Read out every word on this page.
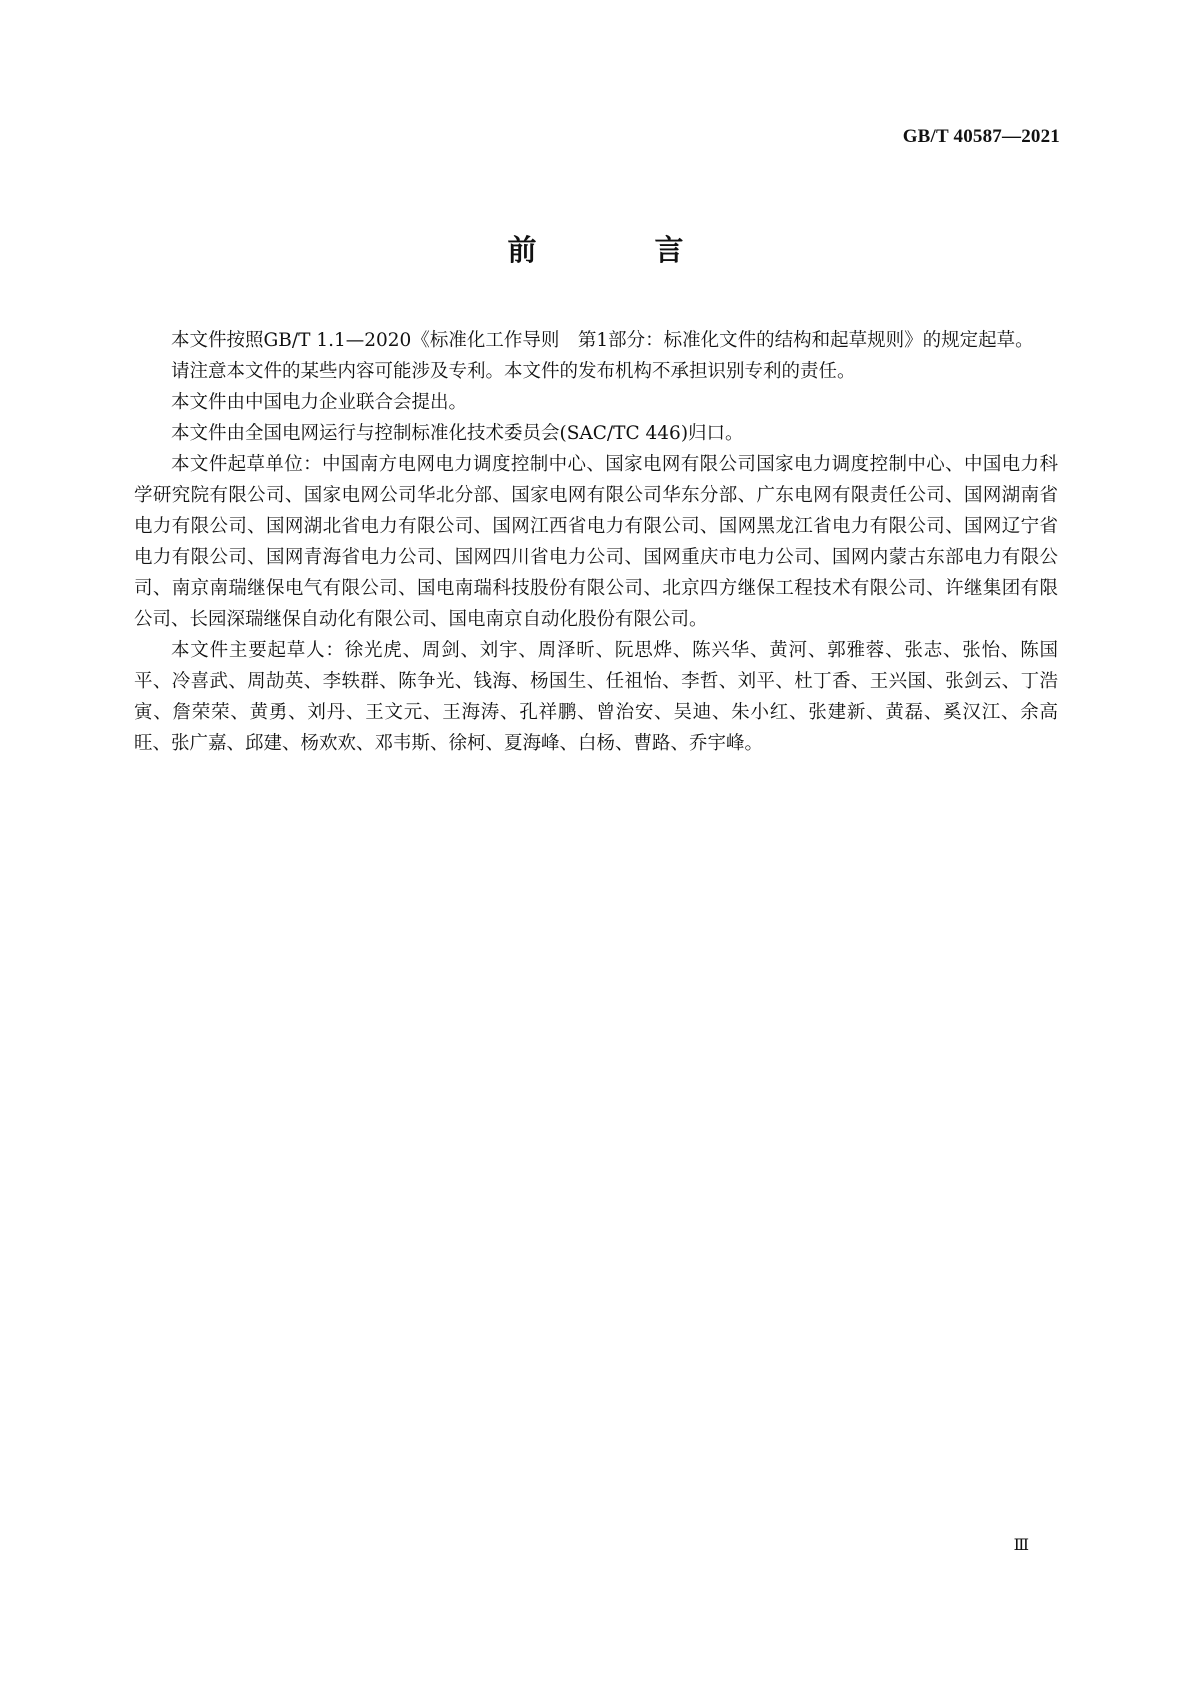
GB/T 40587—2021
前 言

本文件按照GB/T 1.1—2020《标准化工作导则　第1部分：标准化文件的结构和起草规则》的规定起草。

请注意本文件的某些内容可能涉及专利。本文件的发布机构不承担识别专利的责任。

本文件由中国电力企业联合会提出。

本文件由全国电网运行与控制标准化技术委员会(SAC/TC 446)归口。

本文件起草单位：中国南方电网电力调度控制中心、国家电网有限公司国家电力调度控制中心、中国电力科学研究院有限公司、国家电网公司华北分部、国家电网有限公司华东分部、广东电网有限责任公司、国网湖南省电力有限公司、国网湖北省电力有限公司、国网江西省电力有限公司、国网黑龙江省电力有限公司、国网辽宁省电力有限公司、国网青海省电力公司、国网四川省电力公司、国网重庆市电力公司、国网内蒙古东部电力有限公司、南京南瑞继保电气有限公司、国电南瑞科技股份有限公司、北京四方继保工程技术有限公司、许继集团有限公司、长园深瑞继保自动化有限公司、国电南京自动化股份有限公司。

本文件主要起草人：徐光虎、周剑、刘宇、周泽昕、阮思烨、陈兴华、黄河、郭雅蓉、张志、张怡、陈国平、冷喜武、周劼英、李轶群、陈争光、钱海、杨国生、任祖怡、李哲、刘平、杜丁香、王兴国、张剑云、丁浩寅、詹荣荣、黄勇、刘丹、王文元、王海涛、孔祥鹏、曾治安、吴迪、朱小红、张建新、黄磊、奚汉江、余高旺、张广嘉、邱建、杨欢欢、邓韦斯、徐柯、夏海峰、白杨、曹路、乔宇峰。

Ⅲ
